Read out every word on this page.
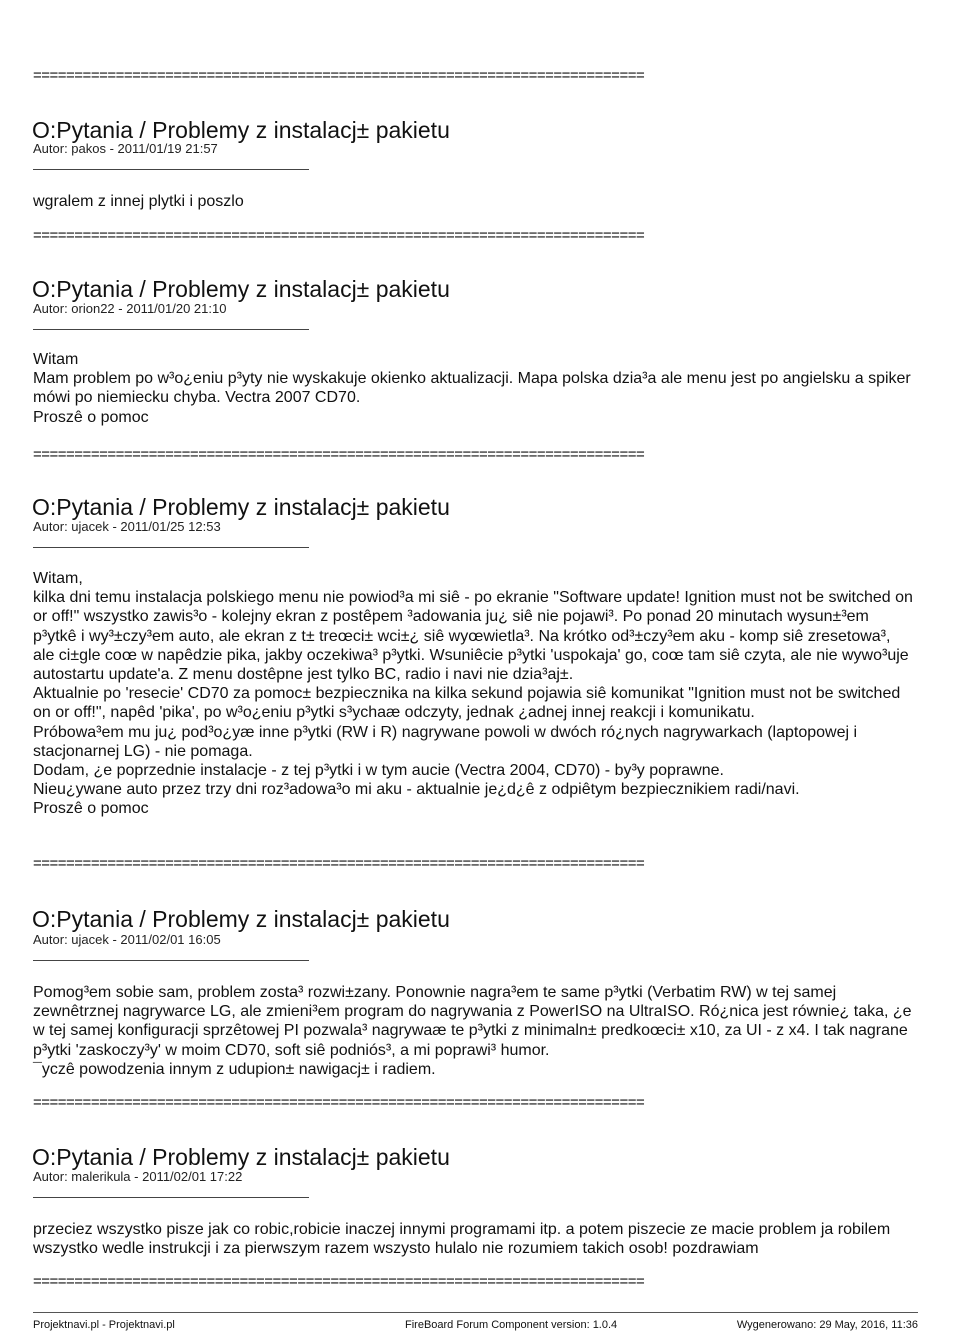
==========================================================================
==========================================================================
==========================================================================
==========================================================================
==========================================================================
==========================================================================
O:Pytania / Problemy z instalacj± pakietu
Autor: pakos - 2011/01/19 21:57

wgralem z innej plytki i poszlo

O:Pytania / Problemy z instalacj± pakietu
Autor: orion22 - 2011/01/20 21:10

Witam

Mam problem po w³o¿eniu p³yty nie wyskakuje okienko aktualizacji. Mapa polska dzia³a ale menu jest po angielsku a spiker mówi po niemiecku chyba. Vectra 2007 CD70.

Proszê o pomoc

O:Pytania / Problemy z instalacj± pakietu
Autor: ujacek - 2011/01/25 12:53

Witam,

kilka dni temu instalacja polskiego menu nie powiod³a mi siê - po ekranie "Software update! Ignition must not be switched on or off!" wszystko zawis³o - kolejny ekran z postêpem ³adowania ju¿ siê nie pojawi³. Po ponad 20 minutach wysun±³em p³ytkê i wy³±czy³em auto, ale ekran z t± treœci± wci±¿ siê wyœwietla³. Na krótko od³±czy³em aku - komp siê zresetowa³, ale ci±gle coœ w napêdzie pika, jakby oczekiwa³ p³ytki. Wsuniêcie p³ytki 'uspokaja' go, coœ tam siê czyta, ale nie wywo³uje autostartu update'a. Z menu dostêpne jest tylko BC, radio i navi nie dzia³aj±.

Aktualnie po 'resecie' CD70 za pomoc± bezpiecznika na kilka sekund pojawia siê komunikat "Ignition must not be switched on or off!", napêd 'pika', po w³o¿eniu p³ytki s³ychaæ odczyty, jednak ¿adnej innej reakcji i komunikatu.

Próbowa³em mu ju¿ pod³o¿yæ inne p³ytki (RW i R) nagrywane powoli w dwóch ró¿nych nagrywarkach (laptopowej i stacjonarnej LG) - nie pomaga.

Dodam, ¿e poprzednie instalacje - z tej p³ytki i w tym aucie (Vectra 2004, CD70) - by³y poprawne.

Nieu¿ywane auto przez trzy dni roz³adowa³o mi aku - aktualnie je¿d¿ê z odpiêtym bezpiecznikiem radi/navi.

Proszê o pomoc

O:Pytania / Problemy z instalacj± pakietu
Autor: ujacek - 2011/02/01 16:05

Pomog³em sobie sam, problem zosta³ rozwi±zany. Ponownie nagra³em te same p³ytki (Verbatim RW) w tej samej zewnêtrznej nagrywarce LG, ale zmieni³em program do nagrywania z PowerISO na UltraISO. Ró¿nica jest równie¿ taka, ¿e w tej samej konfiguracji sprzêtowej PI pozwala³ nagrywaæ te p³ytki z minimaln± predkoœci± x10, za UI - z x4. I tak nagrane p³ytki 'zaskoczy³y' w moim CD70, soft siê podniós³, a mi poprawi³ humor.

¯yczê powodzenia innym z udupion± nawigacj± i radiem.

O:Pytania / Problemy z instalacj± pakietu
Autor: malerikula - 2011/02/01 17:22

przeciez wszystko pisze jak co robic,robicie inaczej innymi programami itp. a potem piszecie ze macie problem ja robilem wszystko wedle instrukcji i za pierwszym razem wszysto hulalo nie rozumiem takich osob! pozdrawiam

Projektnavi.pl - Projektnavi.pl	FireBoard Forum Component version: 1.0.4	Wygenerowano: 29 May, 2016, 11:36
